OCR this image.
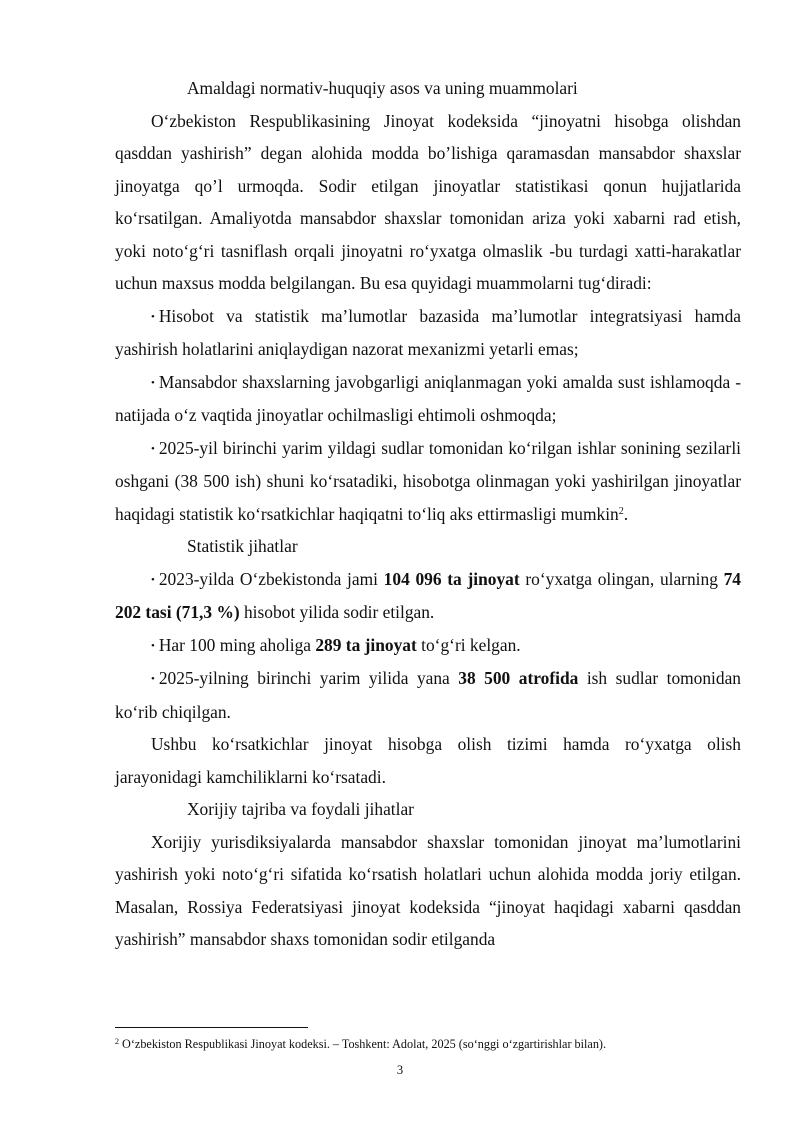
Amaldagi normativ-huquqiy asos va uning muammolari

O‘zbekiston Respublikasining Jinoyat kodeksida “jinoyatni hisobga olishdan qasddan yashirish” degan alohida modda bo’lishiga qaramasdan mansabdor shaxslar jinoyatga qo’l urmoqda. Sodir etilgan jinoyatlar statistikasi qonun hujjatlarida ko‘rsatilgan. Amaliyotda mansabdor shaxslar tomonidan ariza yoki xabarni rad etish, yoki noto‘g‘ri tasniflash orqali jinoyatni ro‘yxatga olmaslik -bu turdagi xatti-harakatlar uchun maxsus modda belgilangan. Bu esa quyidagi muammolarni tug‘diradi:

• Hisobot va statistik ma’lumotlar bazasida ma’lumotlar integratsiyasi hamda yashirish holatlarini aniqlaydigan nazorat mexanizmi yetarli emas;

• Mansabdor shaxslarning javobgarligi aniqlanmagan yoki amalda sust ishlamoqda - natijada o‘z vaqtida jinoyatlar ochilmasligi ehtimoli oshmoqda;

• 2025-yil birinchi yarim yildagi sudlar tomonidan ko‘rilgan ishlar sonining sezilarli oshgani (38 500 ish) shuni ko‘rsatadiki, hisobotga olinmagan yoki yashirilgan jinoyatlar haqidagi statistik ko‘rsatkichlar haqiqatni to‘liq aks ettirmasligi mumkin$^2$.

Statistik jihatlar

• 2023-yilda O‘zbekistonda jami 104 096 ta jinoyat ro‘yxatga olingan, ularning 74 202 tasi (71,3 %) hisobot yilida sodir etilgan.

• Har 100 ming aholiga 289 ta jinoyat to‘g‘ri kelgan.

• 2025-yilning birinchi yarim yilida yana 38 500 atrofida ish sudlar tomonidan ko‘rib chiqilgan.

Ushbu ko‘rsatkichlar jinoyat hisobga olish tizimi hamda ro‘yxatga olish jarayonidagi kamchiliklarni ko‘rsatadi.

Xorijiy tajriba va foydali jihatlar

Xorijiy yurisdiksiyalarda mansabdor shaxslar tomonidan jinoyat ma’lumotlarini yashirish yoki noto‘g‘ri sifatida ko‘rsatish holatlari uchun alohida modda joriy etilgan. Masalan, Rossiya Federatsiyasi jinoyat kodeksida “jinoyat haqidagi xabarni qasddan yashirish” mansabdor shaxs tomonidan sodir etilganda

$^2$ O‘zbekiston Respublikasi Jinoyat kodeksi. – Toshkent: Adolat, 2025 (so‘nggi o‘zgartirishlar bilan).
3
